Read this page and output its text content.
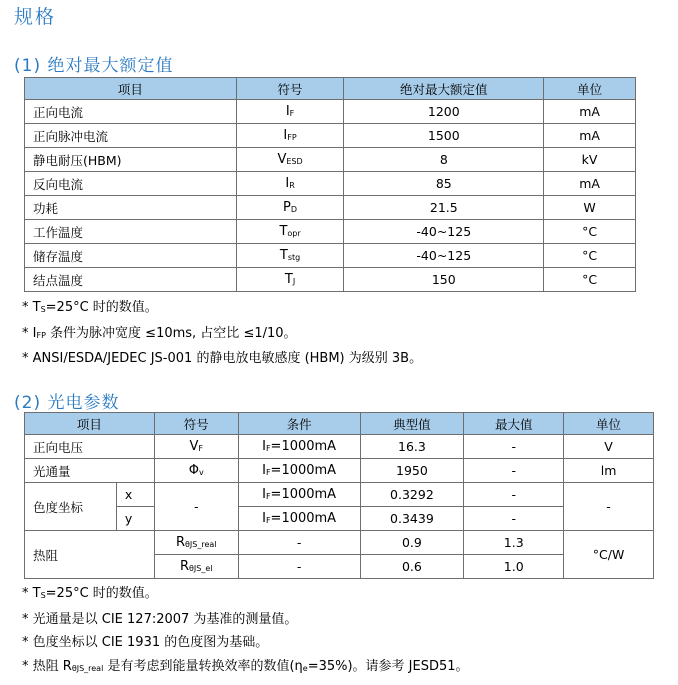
规格
(1) 绝对最大额定值
项目	符号	绝对最大额定值	单位
正向电流	$I_F$	1200	mA
正向脉冲电流	$I_{FP}$	1500	mA
静电耐压(HBM)	$V_{ESD}$	8	kV
反向电流	$I_R$	85	mA
功耗	$P_D$	21.5	W
工作温度	$T_{opr}$	-40~125	°C
储存温度	$T_{stg}$	-40~125	°C
结点温度	$T_J$	150	°C
* $T_S=25^\circ C$ 时的数值。
* $I_{FP}$ 条件为脉冲宽度 ≤10ms, 占空比 ≤1/10。
* ANSI/ESDA/JEDEC JS-001 的静电放电敏感度 (HBM) 为级别 3B。
(2) 光电参数
项目		符号	条件	典型值	最大值	单位
正向电压		$V_F$	$I_F=1000mA$	16.3	-	V
光通量		$\Phi_v$	$I_F=1000mA$	1950	-	lm
色度坐标	x	-	$I_F=1000mA$	0.3292	-	-
	y		$I_F=1000mA$	0.3439	-	
热阻		$R_{\theta JS\_real}$	-	0.9	1.3	°C/W
		$R_{\theta JS\_el}$	-	0.6	1.0	
* $T_S=25^\circ C$ 时的数值。
* 光通量是以 CIE 127:2007 为基准的测量值。
* 色度坐标以 CIE 1931 的色度图为基础。
* 热阻 $R_{\theta JS\_real}$ 是有考虑到能量转换效率的数值$(\eta_e=35\%)$。请参考 JESD51。
